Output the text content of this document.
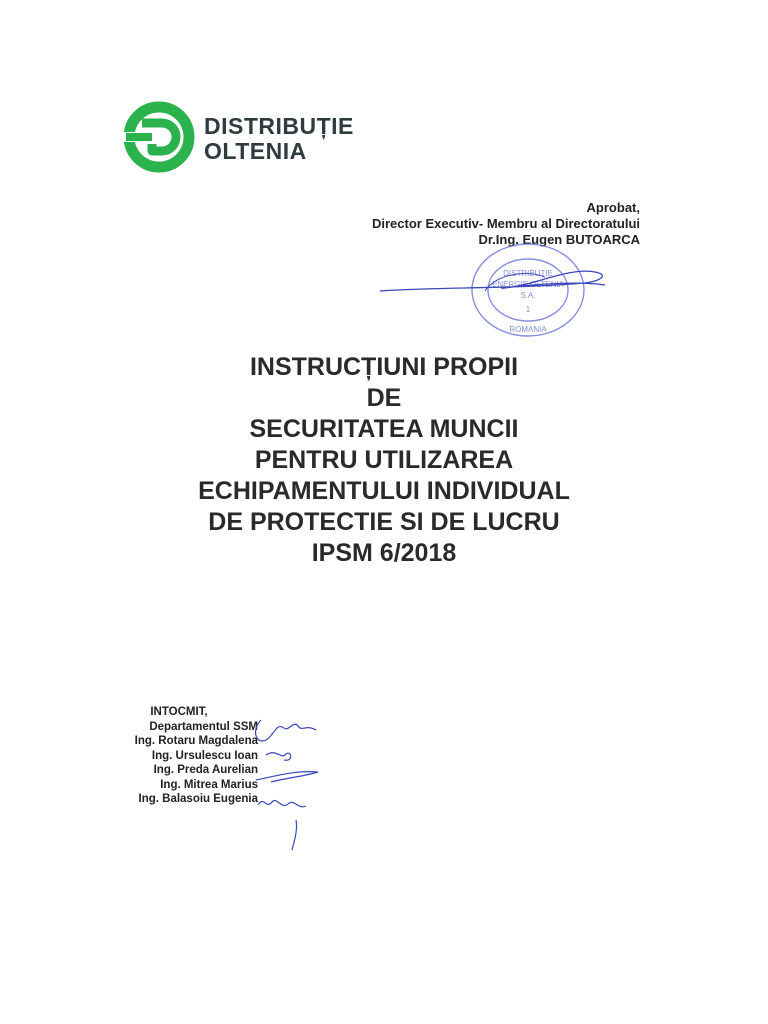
DISTRIBUȚIE
OLTENIA
Aprobat,
Director Executiv- Membru al Directoratului
Dr.Ing. Eugen BUTOARCA
DISTRIBUȚIE
ENERGIE OLTENIA
S.A.
1
ROMANIA
INSTRUCȚIUNI PROPII
DE
SECURITATEA MUNCII
PENTRU UTILIZAREA
ECHIPAMENTULUI INDIVIDUAL
DE PROTECTIE SI DE LUCRU
IPSM 6/2018
INTOCMIT,
Departamentul SSM
Ing. Rotaru Magdalena
Ing. Ursulescu Ioan
Ing. Preda Aurelian
Ing. Mitrea Marius
Ing. Balasoiu Eugenia
